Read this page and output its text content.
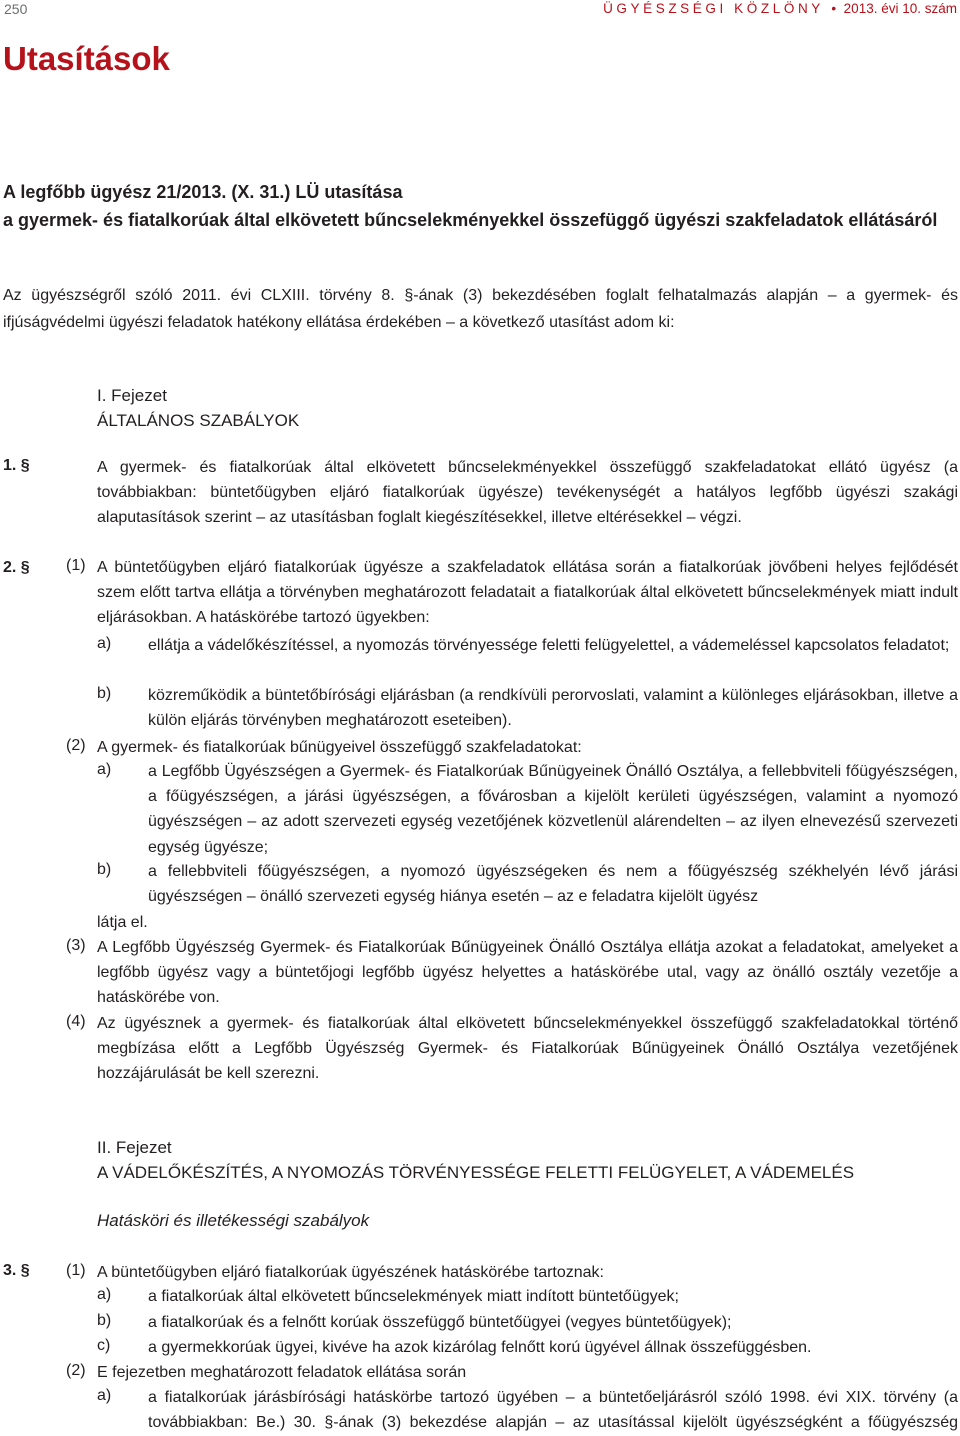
250	ÜGYÉSZSÉGI KÖZLÖNY  •  2013. évi 10. szám
Utasítások
A legfőbb ügyész 21/2013. (X. 31.) LÜ utasítása
a gyermek- és fiatalkorúak által elkövetett bűncselekményekkel összefüggő ügyészi szakfeladatok ellátásáról

Az ügyészségről szóló 2011. évi CLXIII. törvény 8. §-ának (3) bekezdésében foglalt felhatalmazás alapján – a gyermek- és ifjúságvédelmi ügyészi feladatok hatékony ellátása érdekében – a következő utasítást adom ki:

I. Fejezet
ÁLTALÁNOS SZABÁLYOK
1. §	A gyermek- és fiatalkorúak által elkövetett bűncselekményekkel összefüggő szakfeladatokat ellátó ügyész (a továbbiakban: büntetőügyben eljáró fiatalkorúak ügyésze) tevékenységét a hatályos legfőbb ügyészi szakági alaputasítások szerint – az utasításban foglalt kiegészítésekkel, illetve eltérésekkel – végzi.

2. § (1) A büntetőügyben eljáró fiatalkorúak ügyésze a szakfeladatok ellátása során a fiatalkorúak jövőbeni helyes fejlődését szem előtt tartva ellátja a törvényben meghatározott feladatait a fiatalkorúak által elkövetett bűncselekmények miatt indult eljárásokban. A hatáskörébe tartozó ügyekben:

a) ellátja a vádelőkészítéssel, a nyomozás törvényessége feletti felügyelettel, a vádemeléssel kapcsolatos feladatot;

b) közreműködik a büntetőbírósági eljárásban (a rendkívüli perorvoslati, valamint a különleges eljárásokban, illetve a külön eljárás törvényben meghatározott eseteiben).

(2) A gyermek- és fiatalkorúak bűnügyeivel összefüggő szakfeladatokat:

a) a Legfőbb Ügyészségen a Gyermek- és Fiatalkorúak Bűnügyeinek Önálló Osztálya, a fellebbviteli főügyészségen, a főügyészségen, a járási ügyészségen, a fővárosban a kijelölt kerületi ügyészségen, valamint a nyomozó ügyészségen – az adott szervezeti egység vezetőjének közvetlenül alárendelten – az ilyen elnevezésű szervezeti egység ügyésze;

b) a fellebbviteli főügyészségen, a nyomozó ügyészségeken és nem a főügyészség székhelyén lévő járási ügyészségen – önálló szervezeti egység hiánya esetén – az e feladatra kijelölt ügyész

látja el.

(3) A Legfőbb Ügyészség Gyermek- és Fiatalkorúak Bűnügyeinek Önálló Osztálya ellátja azokat a feladatokat, amelyeket a legfőbb ügyész vagy a büntetőjogi legfőbb ügyész helyettes a hatáskörébe utal, vagy az önálló osztály vezetője a hatáskörébe von.

(4) Az ügyésznek a gyermek- és fiatalkorúak által elkövetett bűncselekményekkel összefüggő szakfeladatokkal történő megbízása előtt a Legfőbb Ügyészség Gyermek- és Fiatalkorúak Bűnügyeinek Önálló Osztálya vezetőjének hozzájárulását be kell szerezni.

II. Fejezet
A VÁDELŐKÉSZÍTÉS, A NYOMOZÁS TÖRVÉNYESSÉGE FELETTI FELÜGYELET, A VÁDEMELÉS
Hatásköri és illetékességi szabályok
3. § (1) A büntetőügyben eljáró fiatalkorúak ügyészének hatáskörébe tartoznak:

a) a fiatalkorúak által elkövetett bűncselekmények miatt indított büntetőügyek;

b) a fiatalkorúak és a felnőtt korúak összefüggő büntetőügyei (vegyes büntetőügyek);

c) a gyermekkorúak ügyei, kivéve ha azok kizárólag felnőtt korú ügyével állnak összefüggésben.

(2) E fejezetben meghatározott feladatok ellátása során

a) a fiatalkorúak járásbírósági hatáskörbe tartozó ügyében – a büntetőeljárásról szóló 1998. évi XIX. törvény (a továbbiakban: Be.) 30. §-ának (3) bekezdése alapján – az utasítással kijelölt ügyészségként a főügyészség
